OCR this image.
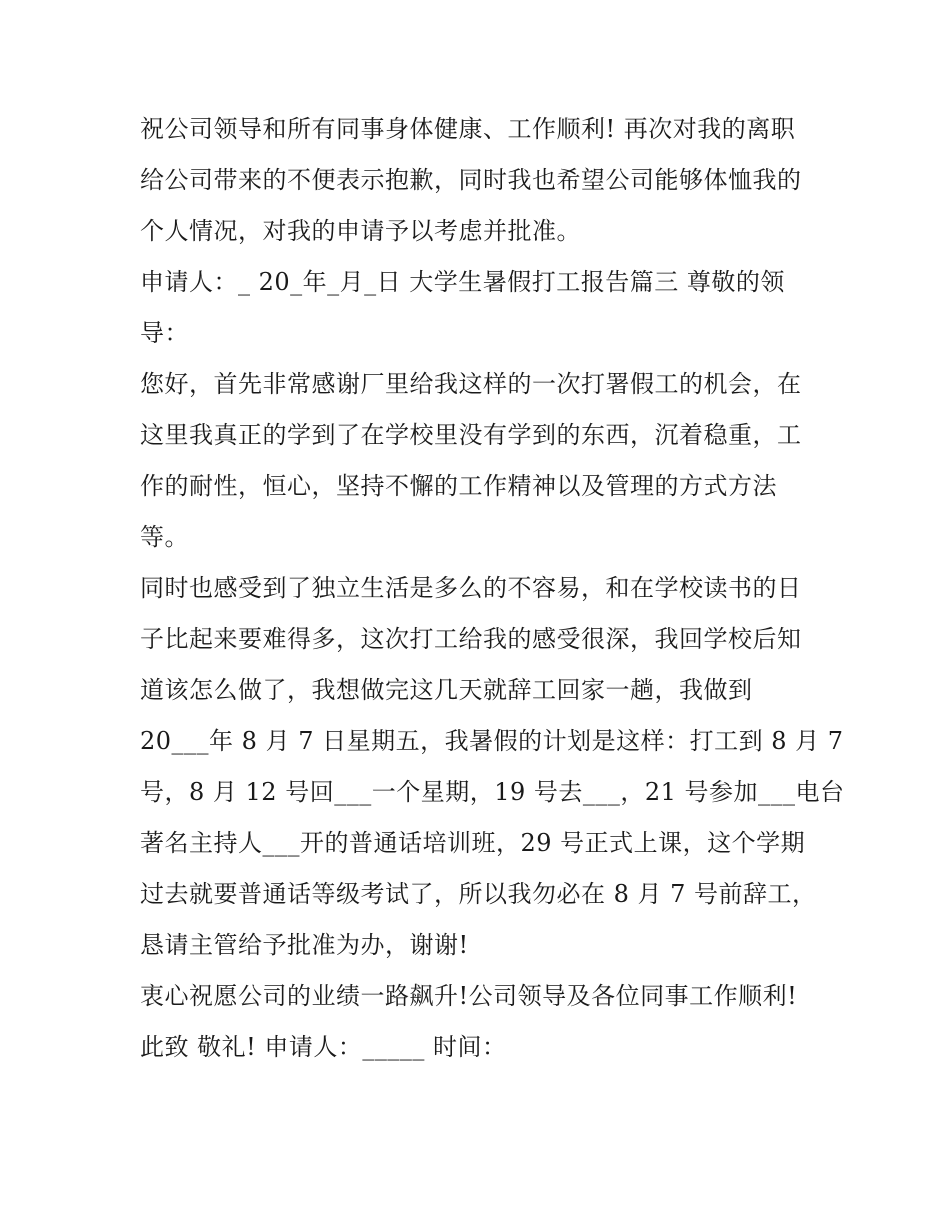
祝公司领导和所有同事身体健康、工作顺利! 再次对我的离职
给公司带来的不便表示抱歉，同时我也希望公司能够体恤我的
个人情况，对我的申请予以考虑并批准。
申请人：_ 20_年_月_日 大学生暑假打工报告篇三 尊敬的领
导：
您好，首先非常感谢厂里给我这样的一次打署假工的机会，在
这里我真正的学到了在学校里没有学到的东西，沉着稳重，工
作的耐性，恒心，坚持不懈的工作精神以及管理的方式方法
等。
同时也感受到了独立生活是多么的不容易，和在学校读书的日
子比起来要难得多，这次打工给我的感受很深，我回学校后知
道该怎么做了，我想做完这几天就辞工回家一趟，我做到
20___年 8 月 7 日星期五，我暑假的计划是这样：打工到 8 月 7
号，8 月 12 号回___一个星期，19 号去___，21 号参加___电台
著名主持人___开的普通话培训班，29 号正式上课，这个学期
过去就要普通话等级考试了，所以我勿必在 8 月 7 号前辞工，
恳请主管给予批准为办，谢谢!
衷心祝愿公司的业绩一路飙升!公司领导及各位同事工作顺利!
此致 敬礼! 申请人：_____ 时间：
